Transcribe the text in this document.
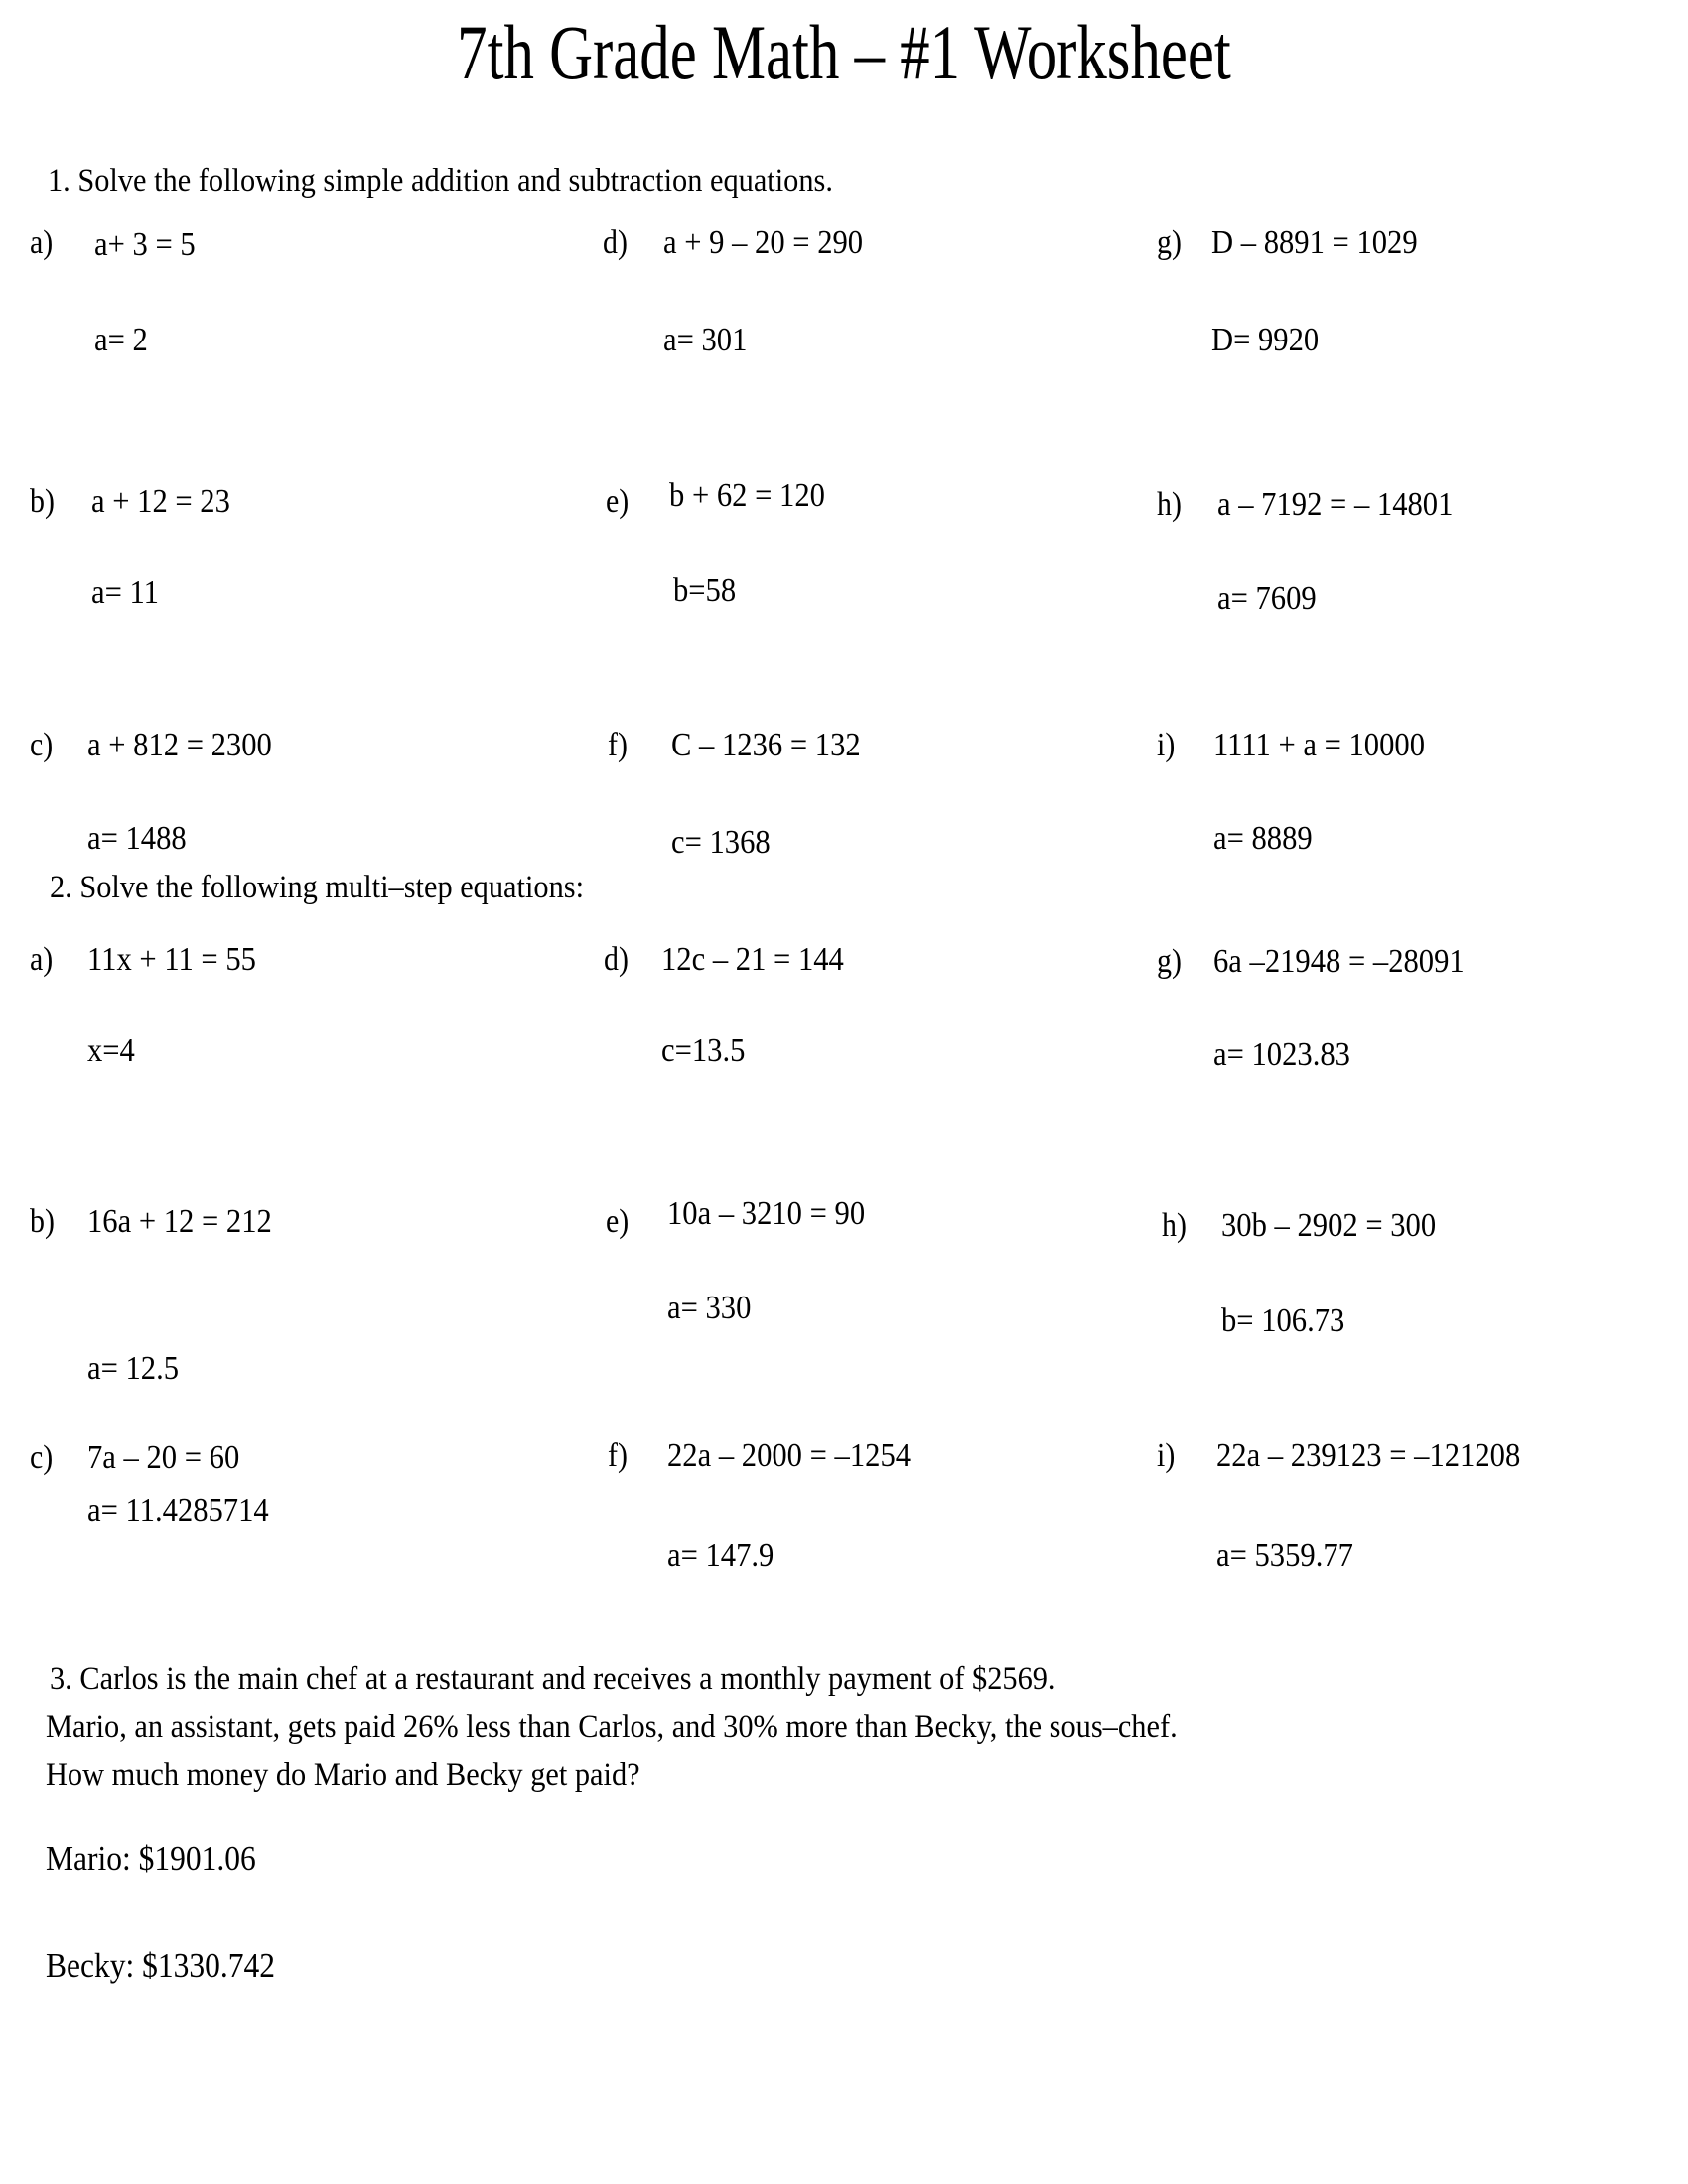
7th Grade Math – #1 Worksheet
1. Solve the following simple addition and subtraction equations.
a) a+ 3 = 5
a= 2
b) a + 12 = 23
a= 11
c) a + 812 = 2300
a= 1488
d) a + 9 – 20 = 290
a= 301
e) b + 62 = 120
b=58
f) C – 1236 = 132
c= 1368
g) D – 8891 = 1029
D= 9920
h) a – 7192 = – 14801
a= 7609
i) 1111 + a = 10000
a= 8889
2. Solve the following multi–step equations:
a) 11x + 11 = 55
x=4
b) 16a + 12 = 212
a= 12.5
c) 7a – 20 = 60
a= 11.4285714
d) 12c – 21 = 144
c=13.5
e) 10a – 3210 = 90
a= 330
f) 22a – 2000 = –1254
a= 147.9
g) 6a –21948 = –28091
a= 1023.83
h) 30b – 2902 = 300
b= 106.73
i) 22a – 239123 = –121208
a= 5359.77
3. Carlos is the main chef at a restaurant and receives a monthly payment of $2569.
Mario, an assistant, gets paid 26% less than Carlos, and 30% more than Becky, the sous–chef.
How much money do Mario and Becky get paid?
Mario: $1901.06
Becky: $1330.742
